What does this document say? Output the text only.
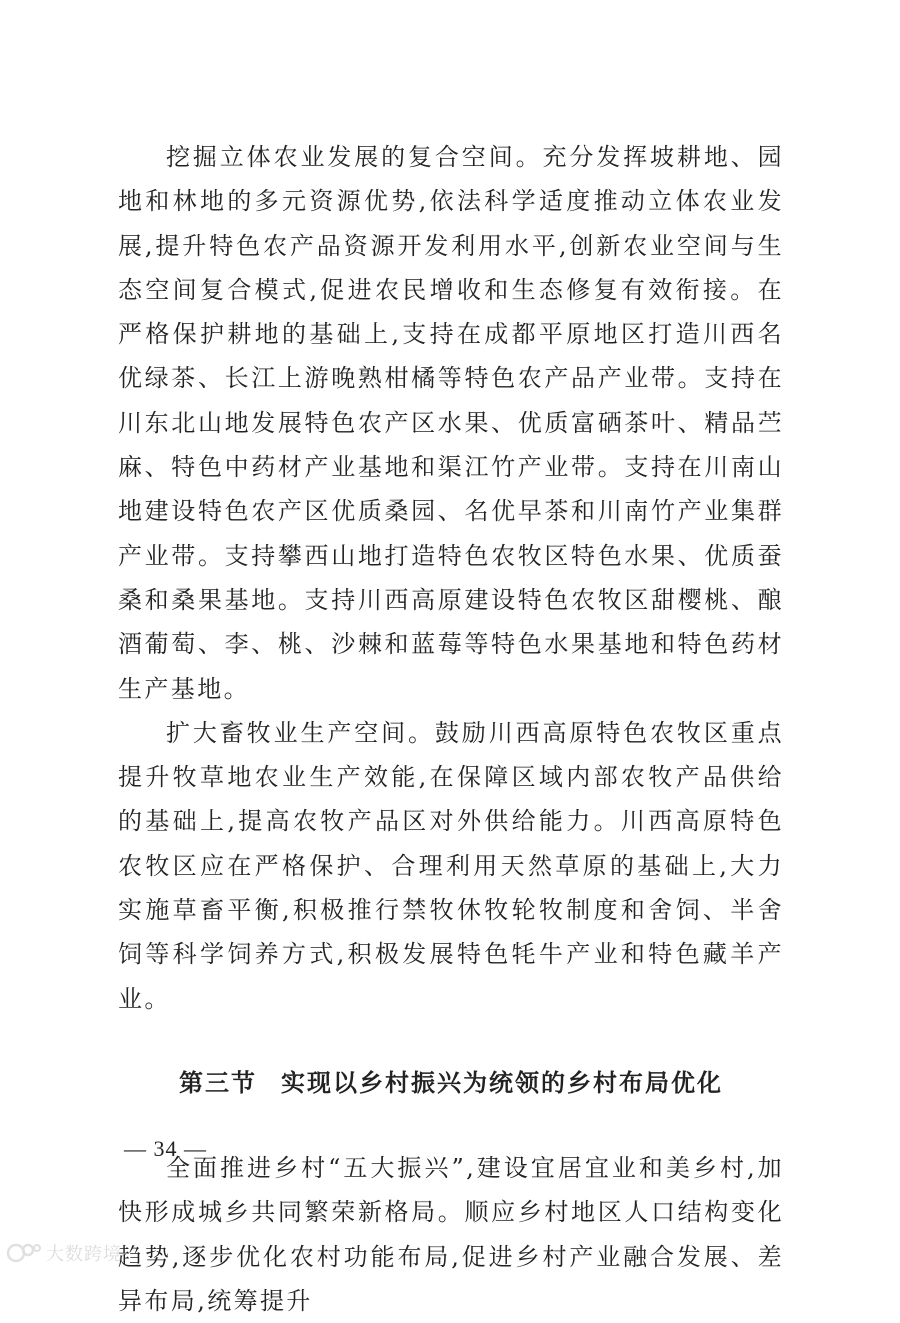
挖掘立体农业发展的复合空间。充分发挥坡耕地、园地和林地的多元资源优势,依法科学适度推动立体农业发展,提升特色农产品资源开发利用水平,创新农业空间与生态空间复合模式,促进农民增收和生态修复有效衔接。在严格保护耕地的基础上,支持在成都平原地区打造川西名优绿茶、长江上游晚熟柑橘等特色农产品产业带。支持在川东北山地发展特色农产区水果、优质富硒茶叶、精品苎麻、特色中药材产业基地和渠江竹产业带。支持在川南山地建设特色农产区优质桑园、名优早茶和川南竹产业集群产业带。支持攀西山地打造特色农牧区特色水果、优质蚕桑和桑果基地。支持川西高原建设特色农牧区甜樱桃、酿酒葡萄、李、桃、沙棘和蓝莓等特色水果基地和特色药材生产基地。

扩大畜牧业生产空间。鼓励川西高原特色农牧区重点提升牧草地农业生产效能,在保障区域内部农牧产品供给的基础上,提高农牧产品区对外供给能力。川西高原特色农牧区应在严格保护、合理利用天然草原的基础上,大力实施草畜平衡,积极推行禁牧休牧轮牧制度和舍饲、半舍饲等科学饲养方式,积极发展特色牦牛产业和特色藏羊产业。

第三节 实现以乡村振兴为统领的乡村布局优化

全面推进乡村“五大振兴”,建设宜居宜业和美乡村,加快形成城乡共同繁荣新格局。顺应乡村地区人口结构变化趋势,逐步优化农村功能布局,促进乡村产业融合发展、差异布局,统筹提升

— 34 —
大数跨境
